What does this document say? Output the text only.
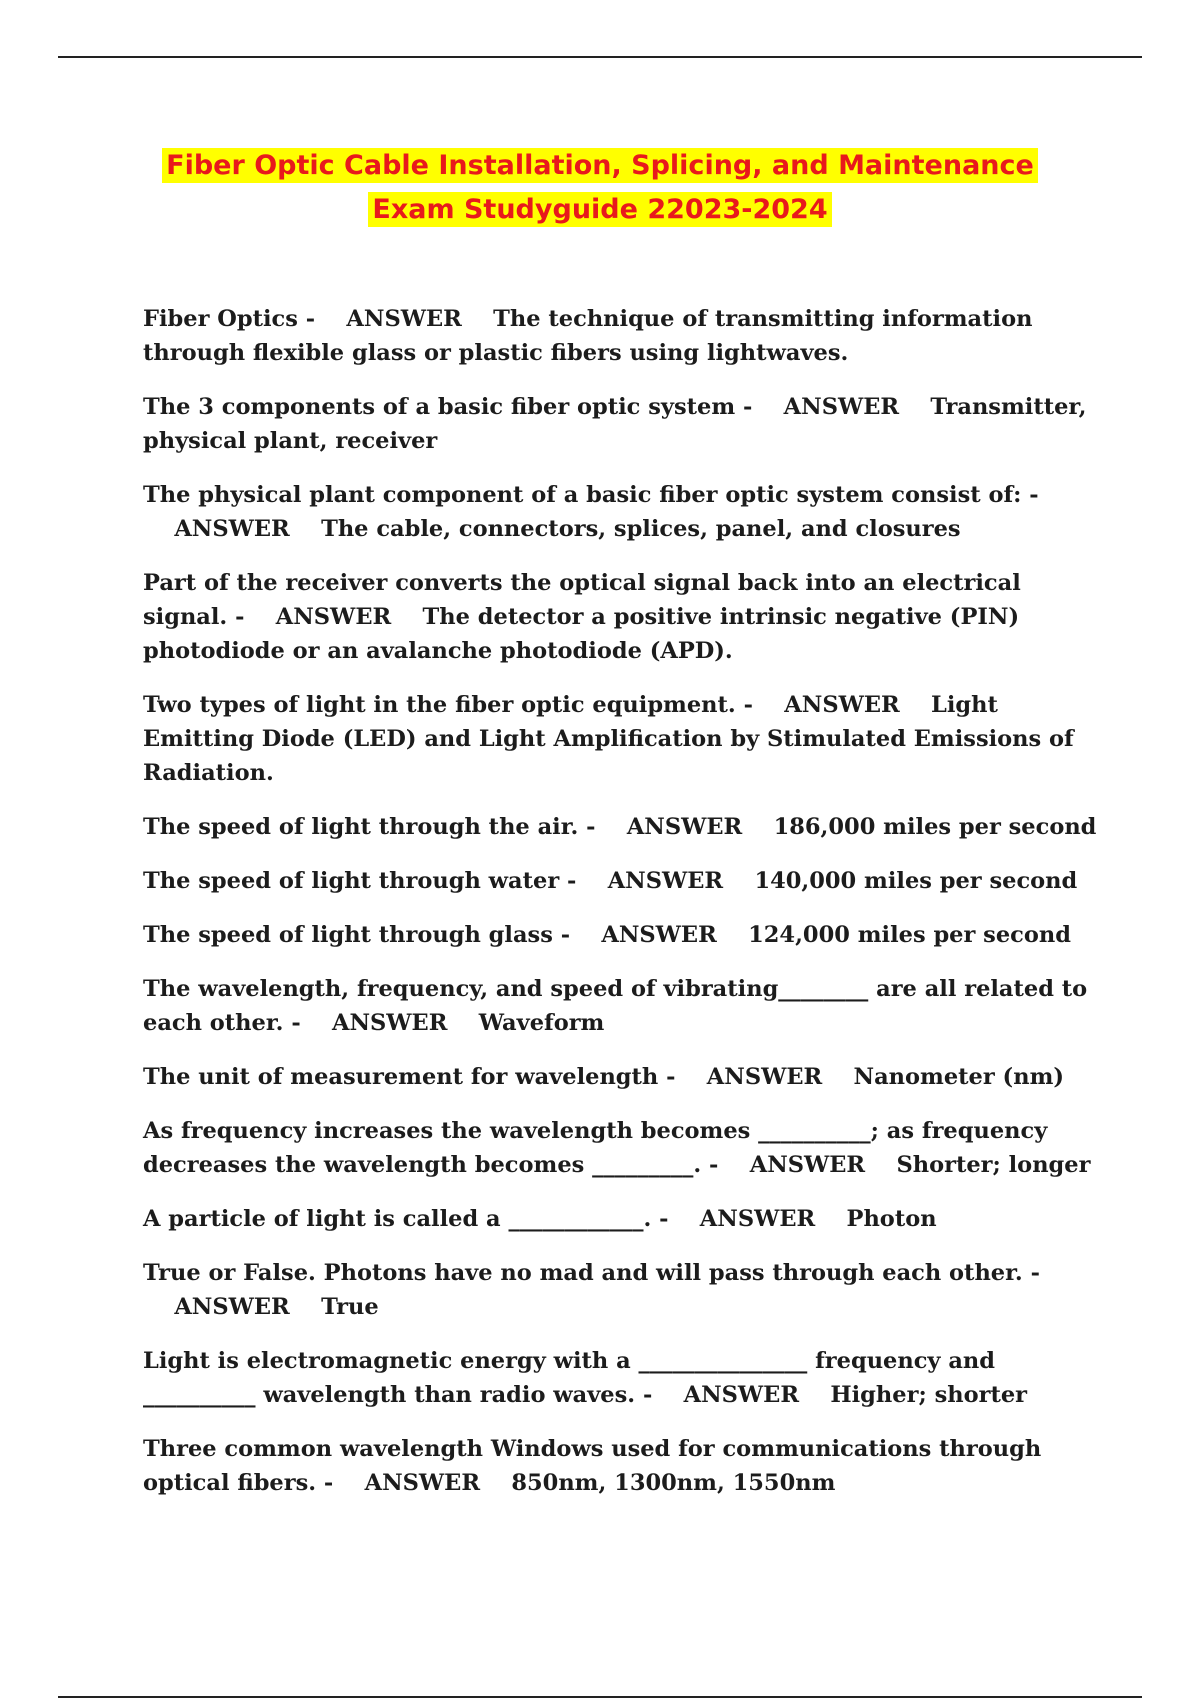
Fiber Optic Cable Installation, Splicing, and Maintenance
Exam Studyguide 22023-2024
Fiber Optics - ANSWER The technique of transmitting information through flexible glass or plastic fibers using lightwaves.
The 3 components of a basic fiber optic system - ANSWER Transmitter, physical plant, receiver
The physical plant component of a basic fiber optic system consist of: -    ANSWER The cable, connectors, splices, panel, and closures
Part of the receiver converts the optical signal back into an electrical signal. - ANSWER The detector a positive intrinsic negative (PIN) photodiode or an avalanche photodiode (APD).
Two types of light in the fiber optic equipment. - ANSWER Light Emitting Diode (LED) and Light Amplification by Stimulated Emissions of Radiation.
The speed of light through the air. - ANSWER 186,000 miles per second
The speed of light through water - ANSWER 140,000 miles per second
The speed of light through glass - ANSWER 124,000 miles per second
The wavelength, frequency, and speed of vibrating________ are all related to each other. - ANSWER Waveform
The unit of measurement for wavelength - ANSWER Nanometer (nm)
As frequency increases the wavelength becomes __________; as frequency decreases the wavelength becomes _________. - ANSWER Shorter; longer
A particle of light is called a ____________. - ANSWER Photon
True or False. Photons have no mad and will pass through each other. -    ANSWER True
Light is electromagnetic energy with a _______________ frequency and __________ wavelength than radio waves. - ANSWER Higher; shorter
Three common wavelength Windows used for communications through optical fibers. - ANSWER 850nm, 1300nm, 1550nm
